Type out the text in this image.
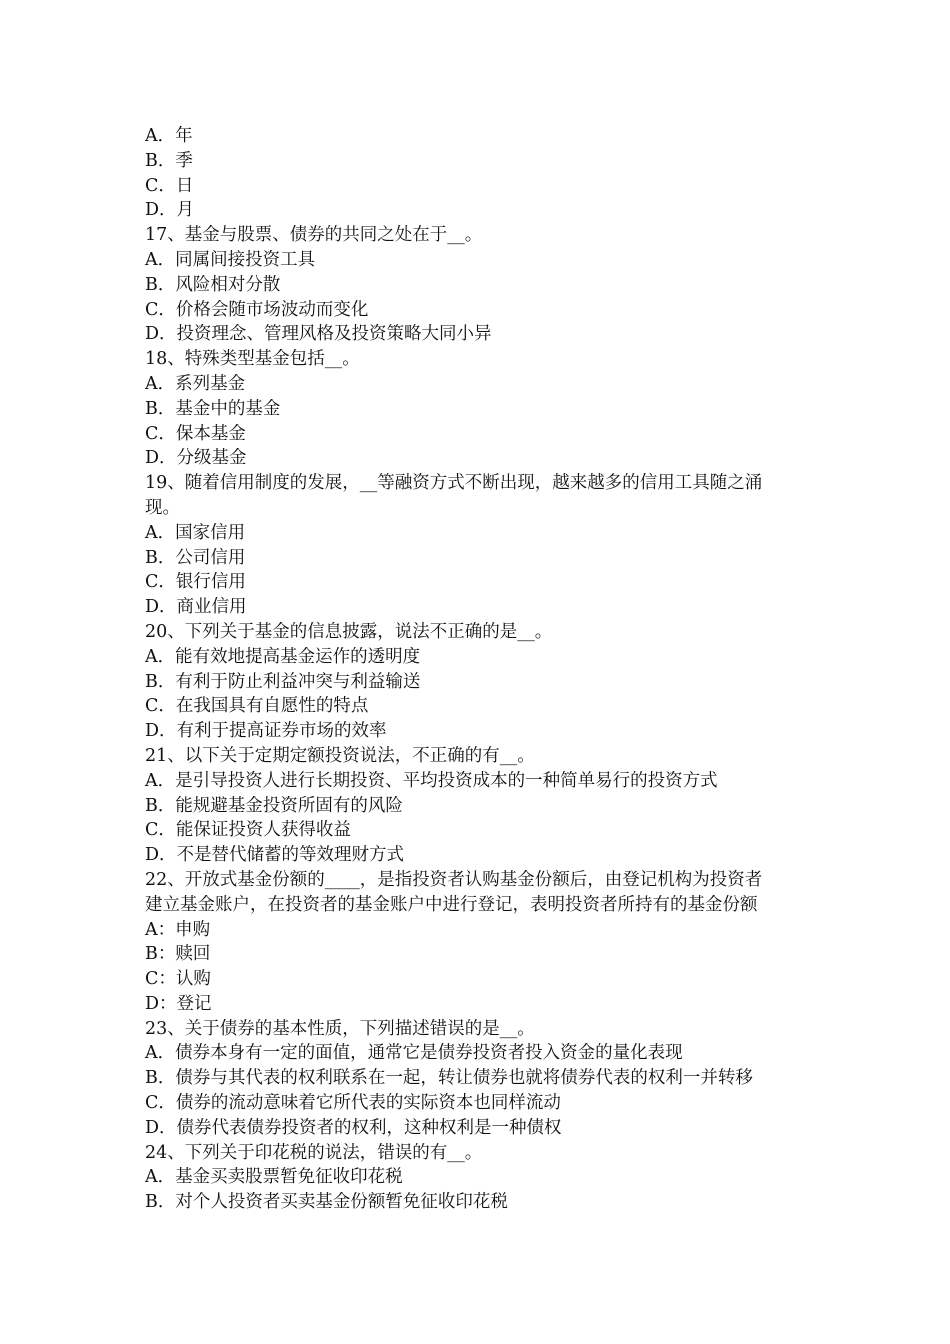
A．年
B．季
C．日
D．月
17、基金与股票、债券的共同之处在于__。
A．同属间接投资工具
B．风险相对分散
C．价格会随市场波动而变化
D．投资理念、管理风格及投资策略大同小异
18、特殊类型基金包括__。
A．系列基金
B．基金中的基金
C．保本基金
D．分级基金
19、随着信用制度的发展，__等融资方式不断出现，越来越多的信用工具随之涌
现。
A．国家信用
B．公司信用
C．银行信用
D．商业信用
20、下列关于基金的信息披露，说法不正确的是__。
A．能有效地提高基金运作的透明度
B．有利于防止利益冲突与利益输送
C．在我国具有自愿性的特点
D．有利于提高证券市场的效率
21、以下关于定期定额投资说法，不正确的有__。
A．是引导投资人进行长期投资、平均投资成本的一种简单易行的投资方式
B．能规避基金投资所固有的风险
C．能保证投资人获得收益
D．不是替代储蓄的等效理财方式
22、开放式基金份额的____，是指投资者认购基金份额后，由登记机构为投资者
建立基金账户，在投资者的基金账户中进行登记，表明投资者所持有的基金份额
A：申购
B：赎回
C：认购
D：登记
23、关于债券的基本性质，下列描述错误的是__。
A．债券本身有一定的面值，通常它是债券投资者投入资金的量化表现
B．债券与其代表的权利联系在一起，转让债券也就将债券代表的权利一并转移
C．债券的流动意味着它所代表的实际资本也同样流动
D．债券代表债券投资者的权利，这种权利是一种债权
24、下列关于印花税的说法，错误的有__。
A．基金买卖股票暂免征收印花税
B．对个人投资者买卖基金份额暂免征收印花税
